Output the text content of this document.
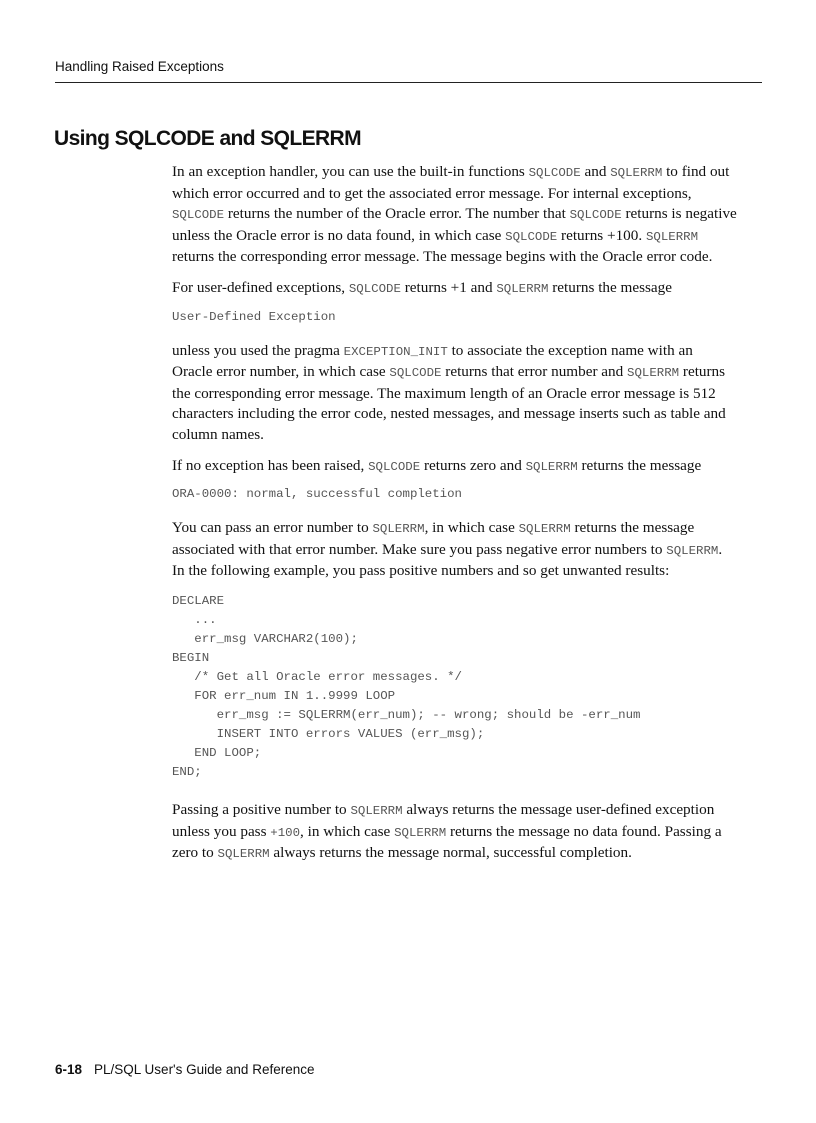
Handling Raised Exceptions
Using SQLCODE and SQLERRM

In an exception handler, you can use the built-in functions SQLCODE and SQLERRM to find out which error occurred and to get the associated error message. For internal exceptions, SQLCODE returns the number of the Oracle error. The number that SQLCODE returns is negative unless the Oracle error is no data found, in which case SQLCODE returns +100. SQLERRM returns the corresponding error message. The message begins with the Oracle error code.

For user-defined exceptions, SQLCODE returns +1 and SQLERRM returns the message

User-Defined Exception

unless you used the pragma EXCEPTION_INIT to associate the exception name with an Oracle error number, in which case SQLCODE returns that error number and SQLERRM returns the corresponding error message. The maximum length of an Oracle error message is 512 characters including the error code, nested messages, and message inserts such as table and column names.

If no exception has been raised, SQLCODE returns zero and SQLERRM returns the message

ORA-0000: normal, successful completion

You can pass an error number to SQLERRM, in which case SQLERRM returns the message associated with that error number. Make sure you pass negative error numbers to SQLERRM. In the following example, you pass positive numbers and so get unwanted results:

DECLARE
...
err_msg VARCHAR2(100);
BEGIN
/* Get all Oracle error messages. */
FOR err_num IN 1..9999 LOOP
err_msg := SQLERRM(err_num); -- wrong; should be -err_num
INSERT INTO errors VALUES (err_msg);
END LOOP;
END;

Passing a positive number to SQLERRM always returns the message user-defined exception unless you pass +100, in which case SQLERRM returns the message no data found. Passing a zero to SQLERRM always returns the message normal, successful completion.

6-18 PL/SQL User's Guide and Reference
